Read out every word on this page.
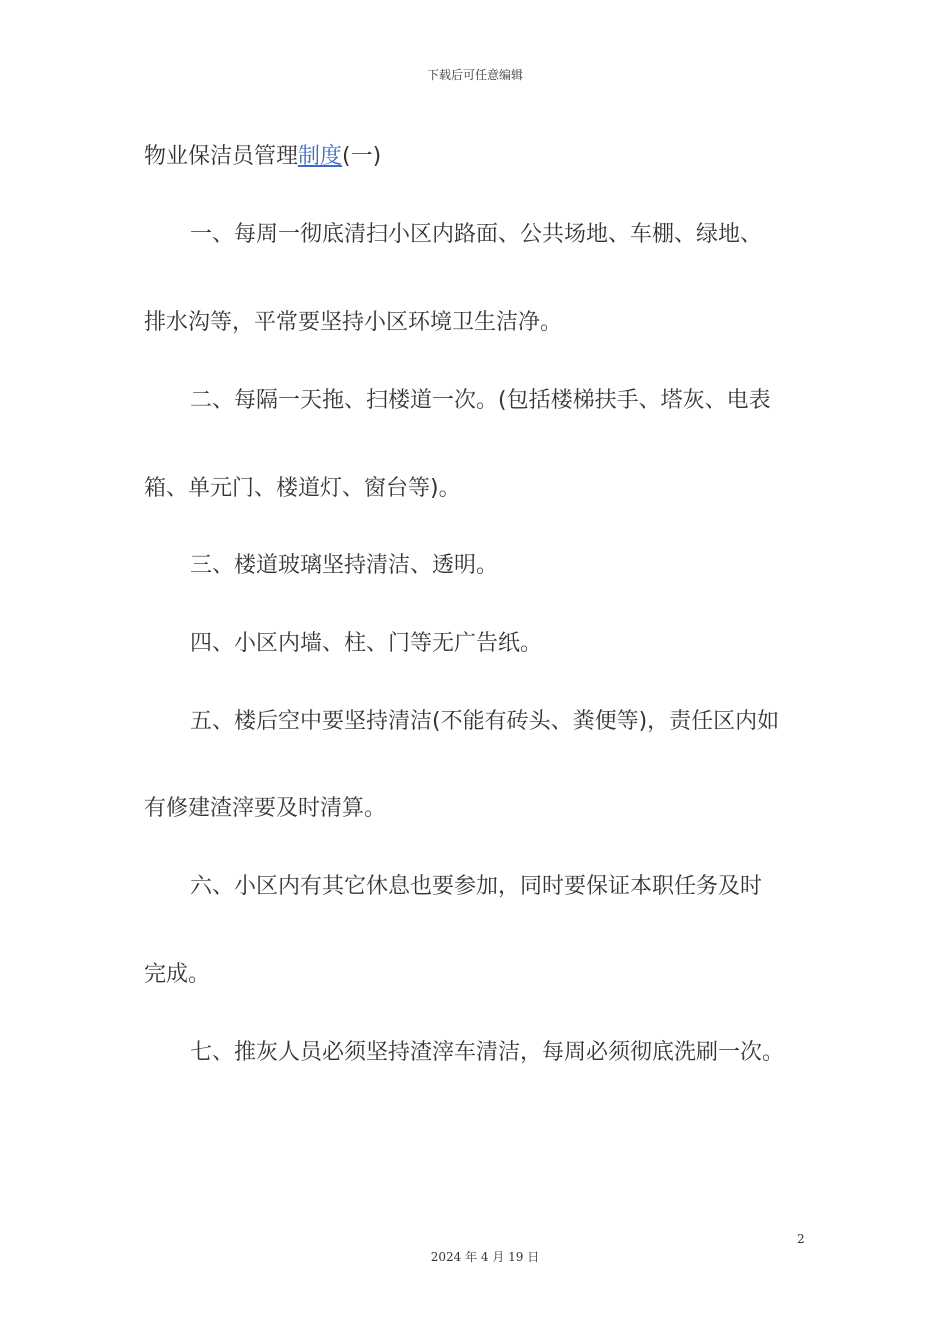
下载后可任意编辑
物业保洁员管理制度(一)
一、每周一彻底清扫小区内路面、公共场地、车棚、绿地、
排水沟等，平常要坚持小区环境卫生洁净。
二、每隔一天拖、扫楼道一次。(包括楼梯扶手、塔灰、电表
箱、单元门、楼道灯、窗台等)。
三、楼道玻璃坚持清洁、透明。
四、小区内墙、柱、门等无广告纸。
五、楼后空中要坚持清洁(不能有砖头、粪便等)，责任区内如
有修建渣滓要及时清算。
六、小区内有其它休息也要参加，同时要保证本职任务及时
完成。
七、推灰人员必须坚持渣滓车清洁，每周必须彻底洗刷一次。
2
2024 年 4 月 19 日
